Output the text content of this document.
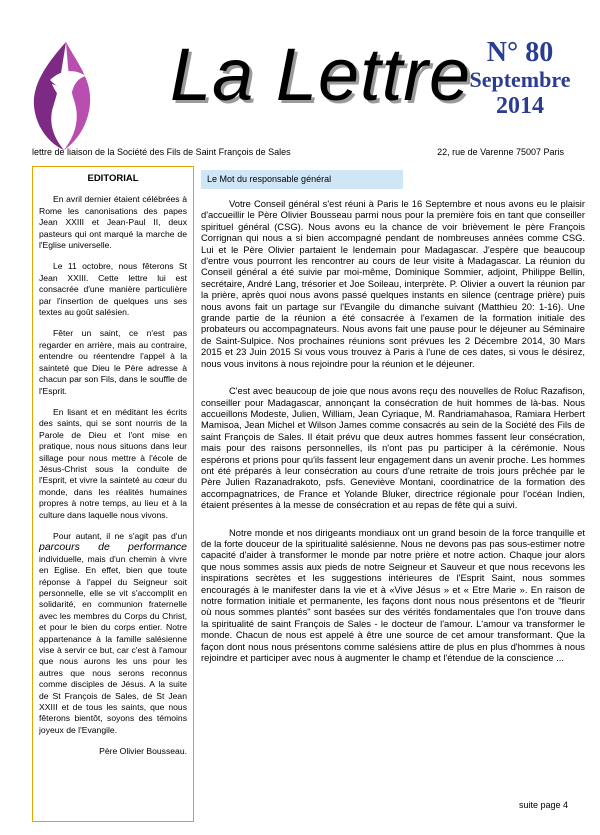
La Lettre N° 80
Septembre
2014
lettre de liaison de la Société des Fils de Saint François de Sales	22, rue de Varenne 75007 Paris
EDITORIAL

En avril dernier étaient célébrées à Rome les canonisations des papes Jean XXIII et Jean-Paul II, deux pasteurs qui ont marqué la marche de l'Eglise universelle.

Le 11 octobre, nous fêterons St Jean XXIII. Cette lettre lui est consacrée d'une manière particulière par l'insertion de quelques uns ses textes au goût salésien.

Fêter un saint, ce n'est pas regarder en arrière, mais au contraire, entendre ou réentendre l'appel à la sainteté que Dieu le Père adresse à chacun par son Fils, dans le souffle de l'Esprit.

En lisant et en méditant les écrits des saints, qui se sont nourris de la Parole de Dieu et l'ont mise en pratique, nous nous situons dans leur sillage pour nous mettre à l'école de Jésus-Christ sous la conduite de l'Esprit, et vivre la sainteté au cœur du monde, dans les réalités humaines propres à notre temps, au lieu et à la culture dans laquelle nous vivons.

Pour autant, il ne s'agit pas d'un parcours de performance individuelle, mais d'un chemin à vivre en Eglise. En effet, bien que toute réponse à l'appel du Seigneur soit personnelle, elle se vit s'accomplit en solidarité, en communion fraternelle avec les membres du Corps du Christ, et pour le bien du corps entier. Notre appartenance à la famille salésienne vise à servir ce but, car c'est à l'amour que nous aurons les uns pour les autres que nous serons reconnus comme disciples de Jésus. A la suite de St François de Sales, de St Jean XXIII et de tous les saints, que nous fêterons bientôt, soyons des témoins joyeux de l'Evangile.

Père Olivier Bousseau.

Le Mot du responsable général

Votre Conseil général s'est réuni à Paris le 16 Septembre et nous avons eu le plaisir d'accueillir le Père Olivier Bousseau parmi nous pour la première fois en tant que conseiller spirituel général (CSG). Nous avons eu la chance de voir brièvement le père François Corrignan qui nous a si bien accompagné pendant de nombreuses années comme CSG. Lui et le Père Olivier partaient le lendemain pour Madagascar. J'espère que beaucoup d'entre vous pourront les rencontrer au cours de leur visite à Madagascar. La réunion du Conseil général a été suivie par moi-même, Dominique Sommier, adjoint, Philippe Bellin, secrétaire, André Lang, trésorier et Joe Soileau, interprète. P. Olivier a ouvert la réunion par la prière, après quoi nous avons passé quelques instants en silence (centrage prière) puis nous avons fait un partage sur l'Evangile du dimanche suivant (Matthieu 20: 1-16). Une grande partie de la réunion a été consacrée à l'examen de la formation initiale des probateurs ou accompagnateurs. Nous avons fait une pause pour le déjeuner au Séminaire de Saint-Sulpice. Nos prochaines réunions sont prévues les 2 Décembre 2014, 30 Mars 2015 et 23 Juin 2015 Si vous vous trouvez à Paris à l'une de ces dates, si vous le désirez, nous vous invitons à nous rejoindre pour la réunion et le déjeuner.

C'est avec beaucoup de joie que nous avons reçu des nouvelles de Roluc Razafison, conseiller pour Madagascar, annonçant la consécration de huit hommes de là-bas. Nous accueillons Modeste, Julien, William, Jean Cyriaque, M. Randriamahasoa, Ramiara Herbert Mamisoa, Jean Michel et Wilson James comme consacrés au sein de la Société des Fils de saint François de Sales. Il était prévu que deux autres hommes fassent leur consécration, mais pour des raisons personnelles, ils n'ont pas pu participer à la cérémonie. Nous espérons et prions pour qu'ils fassent leur engagement dans un avenir proche. Les hommes ont été préparés à leur consécration au cours d'une retraite de trois jours prêchée par le Père Julien Razanadrakoto, psfs. Geneviève Montani, coordinatrice de la formation des accompagnatrices, de France et Yolande Bluker, directrice régionale pour l'océan Indien, étaient présentes à la messe de consécration et au repas de fête qui a suivi.

Notre monde et nos dirigeants mondiaux ont un grand besoin de la force tranquille et de la forte douceur de la spiritualité salésienne. Nous ne devons pas pas sous-estimer notre capacité d'aider à transformer le monde par notre prière et notre action. Chaque jour alors que nous sommes assis aux pieds de notre Seigneur et Sauveur et que nous recevons les inspirations secrètes et les suggestions intérieures de l'Esprit Saint, nous sommes encouragés à le manifester dans la vie et à «Vive Jésus » et « Etre Marie ». En raison de notre formation initiale et permanente, les façons dont nous nous présentons et de "fleurir où nous sommes plantés" sont basées sur des vérités fondamentales que l'on trouve dans la spiritualité de saint François de Sales - le docteur de l'amour. L'amour va transformer le monde. Chacun de nous est appelé à être une source de cet amour transformant. Que la façon dont nous nous présentons comme salésiens attire de plus en plus d'hommes à nous rejoindre et participer avec nous à augmenter le champ et l'étendue de la conscience ...

suite page 4
